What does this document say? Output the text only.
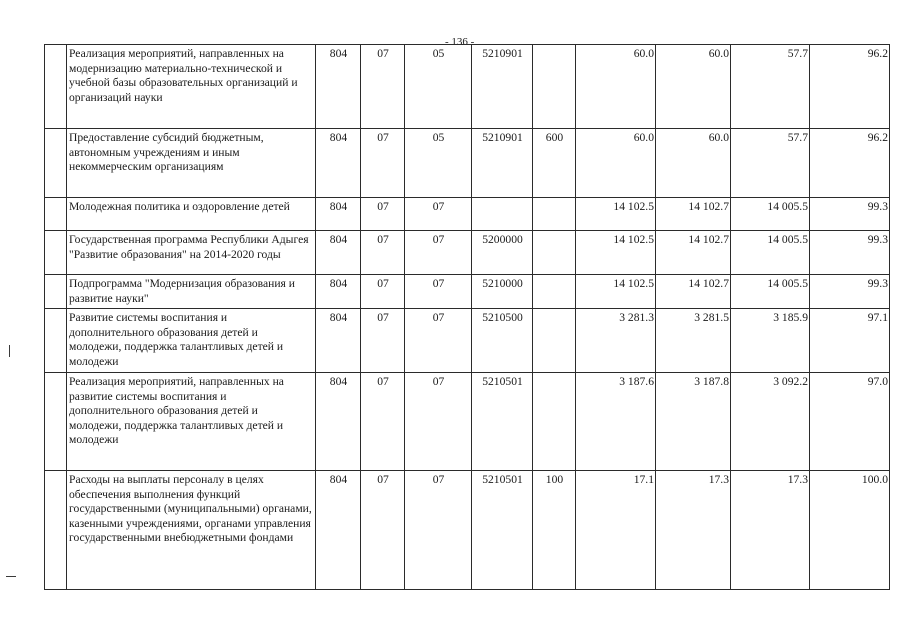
- 136 -
	Реализация мероприятий, направленных на модернизацию материально-технической и учебной базы образовательных организаций и организаций науки	804	07	05	5210901		60.0	60.0	57.7	96.2
	Предоставление субсидий бюджетным, автономным учреждениям и иным некоммерческим организациям	804	07	05	5210901	600	60.0	60.0	57.7	96.2
	Молодежная политика и оздоровление детей	804	07	07			14 102.5	14 102.7	14 005.5	99.3
	Государственная программа Республики Адыгея "Развитие образования" на 2014-2020 годы	804	07	07	5200000		14 102.5	14 102.7	14 005.5	99.3
	Подпрограмма "Модернизация образования и развитие науки"	804	07	07	5210000		14 102.5	14 102.7	14 005.5	99.3
	Развитие системы воспитания и дополнительного образования детей и молодежи, поддержка талантливых детей и молодежи	804	07	07	5210500		3 281.3	3 281.5	3 185.9	97.1
	Реализация мероприятий, направленных на развитие системы воспитания и дополнительного образования детей и молодежи, поддержка талантливых детей и молодежи	804	07	07	5210501		3 187.6	3 187.8	3 092.2	97.0
	Расходы на выплаты персоналу в целях обеспечения выполнения функций государственными (муниципальными) органами, казенными учреждениями, органами управления государственными внебюджетными фондами	804	07	07	5210501	100	17.1	17.3	17.3	100.0
